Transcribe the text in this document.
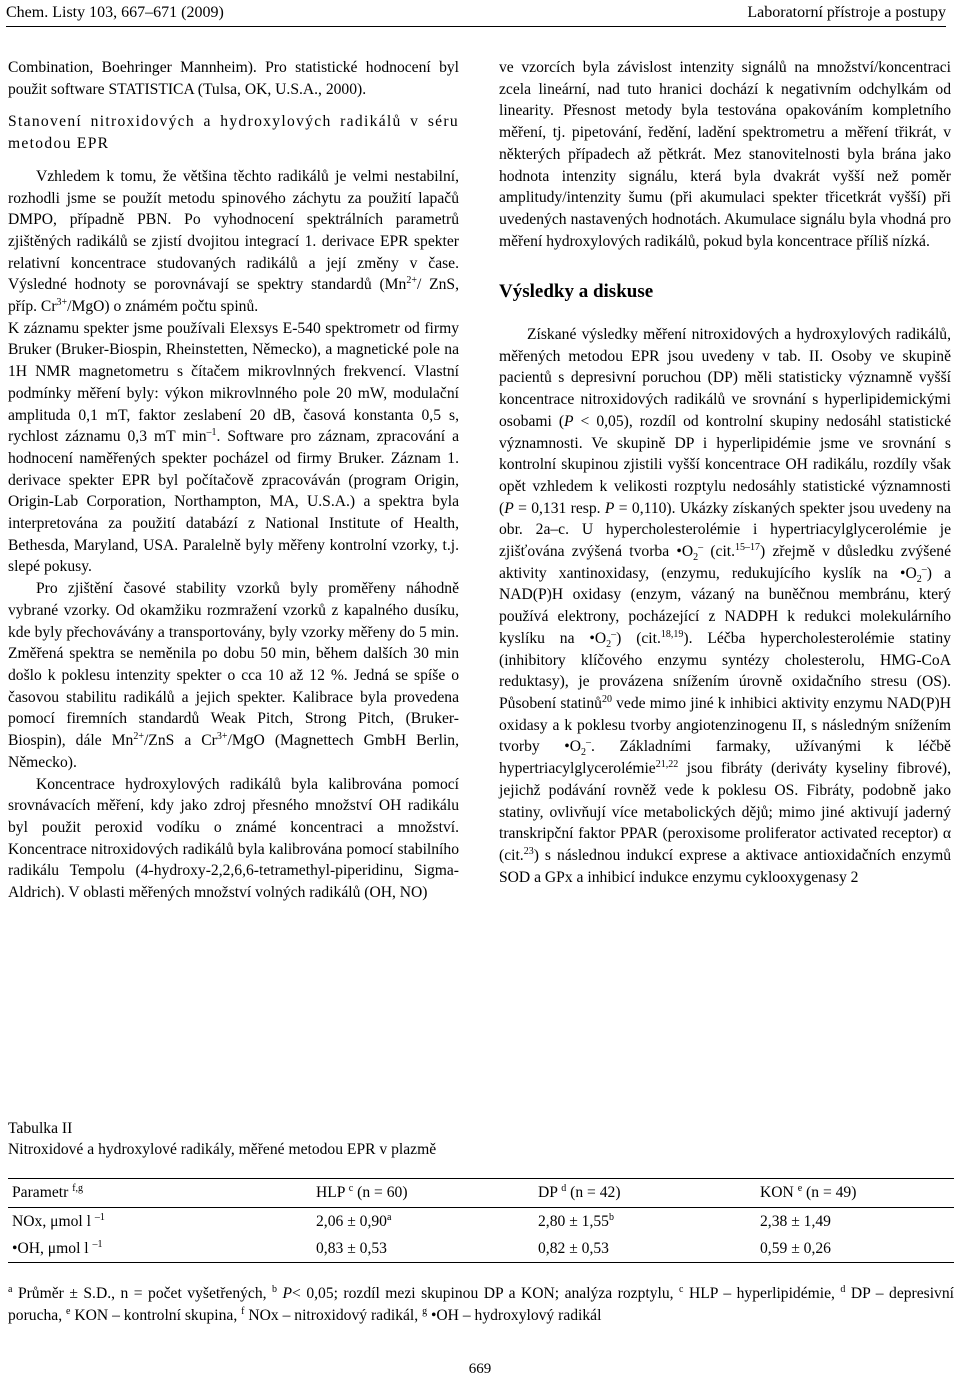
Chem. Listy 103, 667–671 (2009)	Laboratorní přístroje a postupy

Combination, Boehringer Mannheim). Pro statistické hodnocení byl použit software STATISTICA (Tulsa, OK, U.S.A., 2000).

Stanovení nitroxidových a hydroxylových radikálů v séru metodou EPR

Vzhledem k tomu, že většina těchto radikálů je velmi nestabilní, rozhodli jsme se použít metodu spinového záchytu za použití lapačů DMPO, případně PBN. Po vyhodnocení spektrálních parametrů zjištěných radikálů se zjistí dvojitou integrací 1. derivace EPR spekter relativní koncentrace studovaných radikálů a její změny v čase. Výsledné hodnoty se porovnávají se spektry standardů ($Mn^{2+}/$ ZnS, příp. $Cr^{3+}/MgO$) o známém počtu spinů.

K záznamu spekter jsme používali Elexsys E-540 spektrometr od firmy Bruker (Bruker-Biospin, Rheinstetten, Německo), a magnetické pole na 1H NMR magnetometru s čítačem mikrovlnných frekvencí. Vlastní podmínky měření byly: výkon mikrovlnného pole 20 mW, modulační amplituda 0,1 mT, faktor zeslabení 20 dB, časová konstanta 0,5 s, rychlost záznamu 0,3 mT $\min^{-1}$. Software pro záznam, zpracování a hodnocení naměřených spekter pocházel od firmy Bruker. Záznam 1. derivace spekter EPR byl počítačově zpracováván (program Origin, Origin-Lab Corporation, Northampton, MA, U.S.A.) a spektra byla interpretována za použití databází z National Institute of Health, Bethesda, Maryland, USA. Paralelně byly měřeny kontrolní vzorky, t.j. slepé pokusy.

Pro zjištění časové stability vzorků byly proměřeny náhodně vybrané vzorky. Od okamžiku rozmražení vzorků z kapalného dusíku, kde byly přechovávány a transportovány, byly vzorky měřeny do 5 min. Změřená spektra se neměnila po dobu 50 min, během dalších 30 min došlo k poklesu intenzity spekter o cca 10 až 12 %. Jedná se spíše o časovou stabilitu radikálů a jejich spekter. Kalibrace byla provedena pomocí firemních standardů Weak Pitch, Strong Pitch, (Bruker-Biospin), dále $Mn^{2+}$/ZnS a $Cr^{3+}$/MgO (Magnettech GmbH Berlin, Německo).

Koncentrace hydroxylových radikálů byla kalibrována pomocí srovnávacích měření, kdy jako zdroj přesného množství OH radikálu byl použit peroxid vodíku o známé koncentraci a množství. Koncentrace nitroxidových radikálů byla kalibrována pomocí stabilního radikálu Tempolu (4-hydroxy-2,2,6,6-tetramethyl-piperidinu, Sigma-Aldrich). V oblasti měřených množství volných radikálů (OH, NO)

ve vzorcích byla závislost intenzity signálů na množství/koncentraci zcela lineární, nad tuto hranici dochází k negativním odchylkám od linearity. Přesnost metody byla testována opakováním kompletního měření, tj. pipetování, ředění, ladění spektrometru a měření třikrát, v některých případech až pětkrát. Mez stanovitelnosti byla brána jako hodnota intenzity signálu, která byla dvakrát vyšší než poměr amplitudy/intenzity šumu (při akumulaci spekter třicetkrát vyšší) při uvedených nastavených hodnotách. Akumulace signálu byla vhodná pro měření hydroxylových radikálů, pokud byla koncentrace příliš nízká.

Výsledky a diskuse

Získané výsledky měření nitroxidových a hydroxylových radikálů, měřených metodou EPR jsou uvedeny v tab. II. Osoby ve skupině pacientů s depresivní poruchou (DP) měli statisticky významně vyšší koncentrace nitroxidových radikálů ve srovnání s hyperlipidemickými osobami (P < 0,05), rozdíl od kontrolní skupiny nedosáhl statistické významnosti. Ve skupině DP i hyperlipidémie jsme ve srovnání s kontrolní skupinou zjistili vyšší koncentrace OH radikálu, rozdíly však opět vzhledem k velikosti rozptylu nedosáhly statistické významnosti (P = 0,131 resp. P = 0,110). Ukázky získaných spekter jsou uvedeny na obr. 2a–c. U hypercholesterolémie i hypertriacylglycerolémie je zjišťována zvýšená tvorba $•O_2^-$ (cit.$^{15-17}$) zřejmě v důsledku zvýšené aktivity xantinoxidasy, (enzymu, redukujícího kyslík na $•O_2^-$) a NAD(P)H oxidasy (enzym, vázaný na buněčnou membránu, který používá elektrony, pocházející z NADPH k redukci molekulárního kyslíku na $•O_2^-$) (cit.$^{18,19}$). Léčba hypercholesterolémie statiny (inhibitory klíčového enzymu syntézy cholesterolu, HMG-CoA reduktasy), je provázena snížením úrovně oxidačního stresu (OS). Působení statinů$^{20}$ vede mimo jiné k inhibici aktivity enzymu NAD(P)H oxidasy a k poklesu tvorby angiotenzinogenu II, s následným snížením tvorby $•O_2^-$. Základními farmaky, užívanými k léčbě hypertriacylglycerolémie$^{21,22}$ jsou fibráty (deriváty kyseliny fibrové), jejichž podávání rovněž vede k poklesu OS. Fibráty, podobně jako statiny, ovlivňují více metabolických dějů; mimo jiné aktivují jaderný transkripční faktor PPAR (peroxisome proliferator activated receptor) α (cit.$^{23}$) s následnou indukcí exprese a aktivace antioxidačních enzymů SOD a GPx a inhibicí indukce enzymu cyklooxygenasy 2

Tabulka II
Nitroxidové a hydroxylové radikály, měřené metodou EPR v plazmě
Parametr $^{f,g}$	HLP $^c$ (n = 60)	DP $^d$ (n = 42)	KON $^e$ (n = 49)
NOx, μmol l $^{-1}$	2,06 ± 0,90$^a$	2,80 ± 1,55$^b$	2,38 ± 1,49
•OH, μmol l $^{-1}$	0,83 ± 0,53	0,82 ± 0,53	0,59 ± 0,26
$^a$ Průměr ± S.D., n = počet vyšetřených, $^b$ P< 0,05; rozdíl mezi skupinou DP a KON; analýza rozptylu, $^c$ HLP – hyperlipidémie, $^d$ DP – depresivní porucha, $^e$ KON – kontrolní skupina, $^f$ NOx – nitroxidový radikál, $^g$ •OH – hydroxylový radikál
669
